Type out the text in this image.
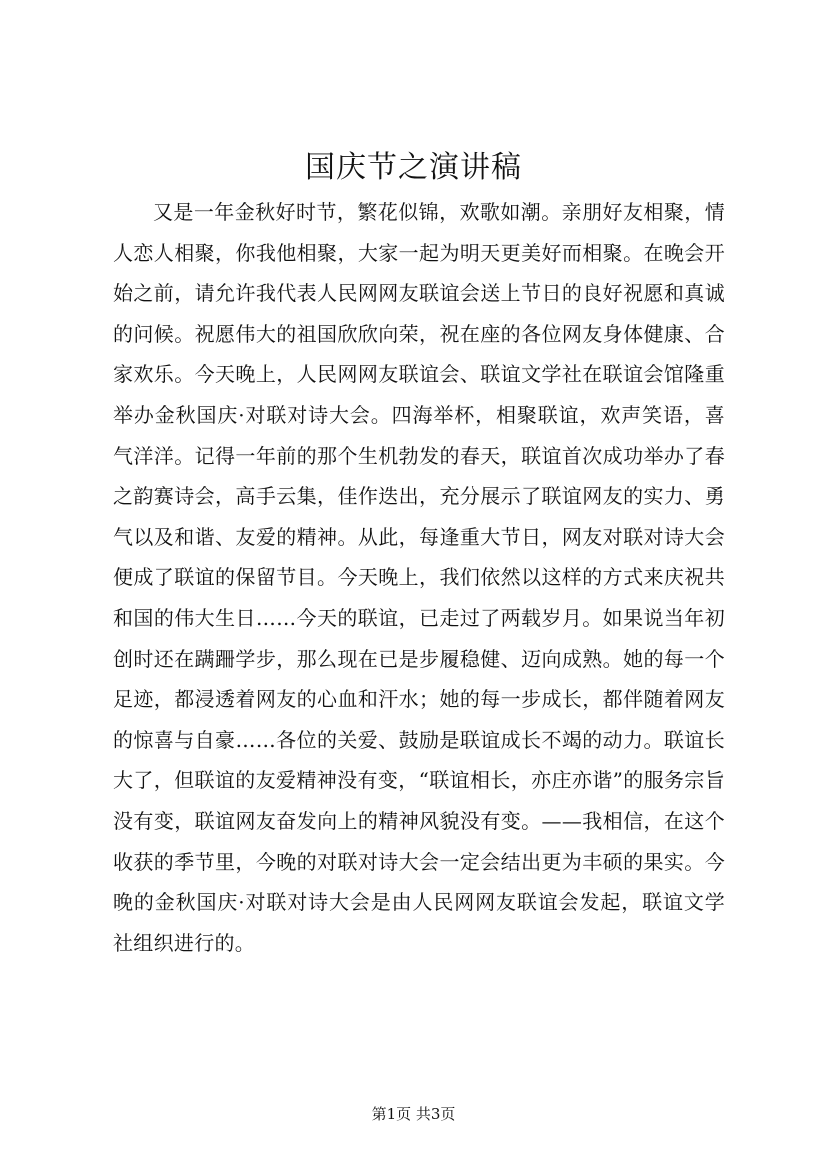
国庆节之演讲稿

又是一年金秋好时节，繁花似锦，欢歌如潮。亲朋好友相聚，情人恋人相聚，你我他相聚，大家一起为明天更美好而相聚。在晚会开始之前，请允许我代表人民网网友联谊会送上节日的良好祝愿和真诚的问候。祝愿伟大的祖国欣欣向荣，祝在座的各位网友身体健康、合家欢乐。今天晚上，人民网网友联谊会、联谊文学社在联谊会馆隆重举办金秋国庆·对联对诗大会。四海举杯，相聚联谊，欢声笑语，喜气洋洋。记得一年前的那个生机勃发的春天，联谊首次成功举办了春之韵赛诗会，高手云集，佳作迭出，充分展示了联谊网友的实力、勇气以及和谐、友爱的精神。从此，每逢重大节日，网友对联对诗大会便成了联谊的保留节目。今天晚上，我们依然以这样的方式来庆祝共和国的伟大生日……今天的联谊，已走过了两载岁月。如果说当年初创时还在蹒跚学步，那么现在已是步履稳健、迈向成熟。她的每一个足迹，都浸透着网友的心血和汗水；她的每一步成长，都伴随着网友的惊喜与自豪……各位的关爱、鼓励是联谊成长不竭的动力。联谊长大了，但联谊的友爱精神没有变，“联谊相长，亦庄亦谐”的服务宗旨没有变，联谊网友奋发向上的精神风貌没有变。——我相信，在这个收获的季节里，今晚的对联对诗大会一定会结出更为丰硕的果实。今晚的金秋国庆·对联对诗大会是由人民网网友联谊会发起，联谊文学社组织进行的。

第1页 共3页
